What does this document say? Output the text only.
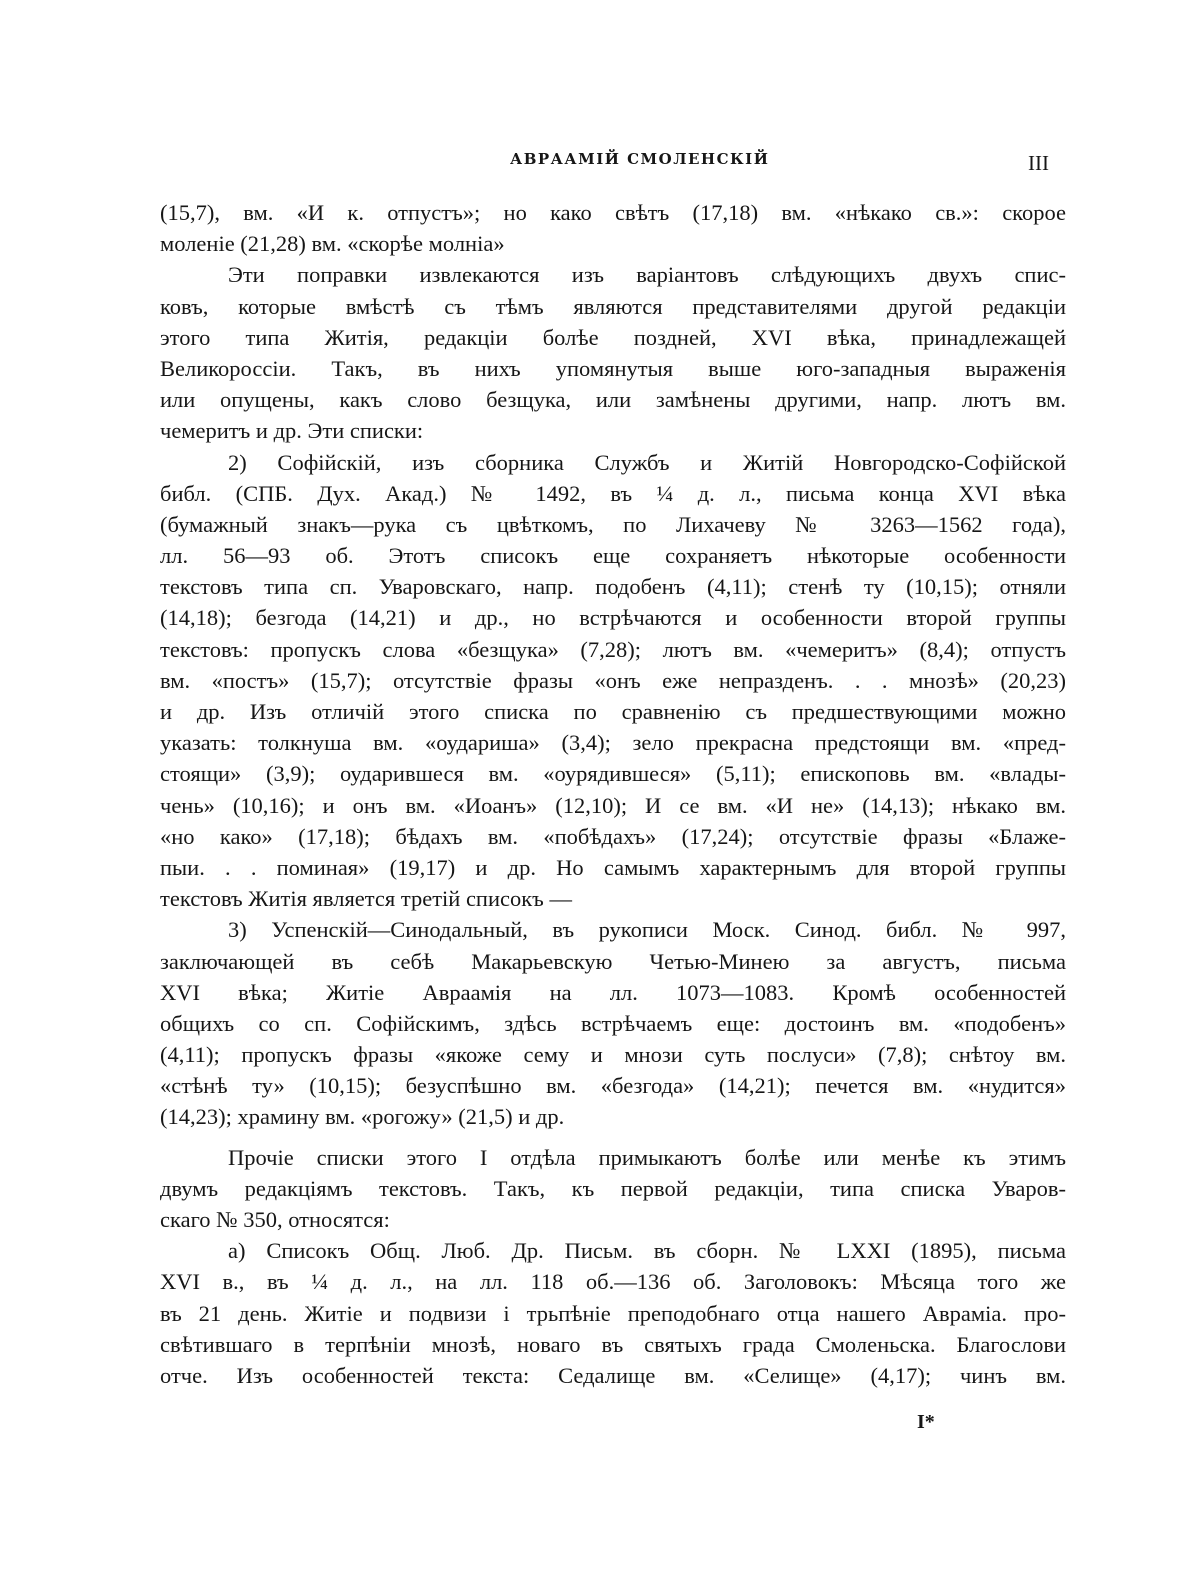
АВРААМІЙ СМОЛЕНСКІЙ	III
(15,7), вм. «И к. отпустъ»; но како свѣтъ (17,18) вм. «нѣкако св.»: скорое
моленіе (21,28) вм. «скорѣе молніа»
Эти поправки извлекаются изъ варіантовъ слѣдующихъ двухъ спис-
ковъ, которые вмѣстѣ съ тѣмъ являются представителями другой редакціи
этого типа Житія, редакціи болѣе поздней, XVI вѣка, принадлежащей
Великороссіи. Такъ, въ нихъ упомянутыя выше юго-западныя выраженія
или опущены, какъ слово безщука, или замѣнены другими, напр. лютъ вм.
чемеритъ и др. Эти списки:
2) Софійскій, изъ сборника Службъ и Житій Новгородско-Софійской
библ. (СПБ. Дух. Акад.) № 1492, въ ¼ д. л., письма конца XVI вѣка
(бумажный знакъ—рука съ цвѣткомъ, по Лихачеву № 3263—1562 года),
лл. 56—93 об. Этотъ списокъ еще сохраняетъ нѣкоторые особенности
текстовъ типа сп. Уваровскаго, напр. подобенъ (4,11); стенѣ ту (10,15); отняли
(14,18); безгода (14,21) и др., но встрѣчаются и особенности второй группы
текстовъ: пропускъ слова «безщука» (7,28); лютъ вм. «чемеритъ» (8,4); отпустъ
вм. «постъ» (15,7); отсутствіе фразы «онъ еже непразденъ. . . мнозѣ» (20,23)
и др. Изъ отличій этого списка по сравненію съ предшествующими можно
указать: толкнуша вм. «оудариша» (3,4); зело прекрасна предстоящи вм. «пред-
стоящи» (3,9); оударившеся вм. «оурядившеся» (5,11); епископовь вм. «влады-
чень» (10,16); и онъ вм. «Иоанъ» (12,10); И се вм. «И не» (14,13); нѣкако вм.
«но како» (17,18); бѣдахъ вм. «побѣдахъ» (17,24); отсутствіе фразы «Блаже-
пыи. . . поминая» (19,17) и др. Но самымъ характернымъ для второй группы
текстовъ Житія является третій списокъ —
3) Успенскій—Синодальный, въ рукописи Моск. Синод. библ. № 997,
заключающей въ себѣ Макарьевскую Четью-Минею за августъ, письма
XVI вѣка; Житіе Авраамія на лл. 1073—1083. Кромѣ особенностей
общихъ со сп. Софійскимъ, здѣсь встрѣчаемъ еще: достоинъ вм. «подобенъ»
(4,11); пропускъ фразы «якоже сему и мнози суть послуси» (7,8); снѣтоу вм.
«стѣнѣ ту» (10,15); безуспѣшно вм. «безгода» (14,21); печется вм. «нудится»
(14,23); храмину вм. «рогожу» (21,5) и др.
Прочіе списки этого I отдѣла примыкаютъ болѣе или менѣе къ этимъ
двумъ редакціямъ текстовъ. Такъ, къ первой редакціи, типа списка Уваров-
скаго № 350, относятся:
а) Списокъ Общ. Люб. Др. Письм. въ сборн. № LXXI (1895), письма
XVI в., въ ¼ д. л., на лл. 118 об.—136 об. Заголовокъ: Мѣсяца того же
въ 21 день. Житіе и подвизи і трьпѣніе преподобнаго отца нашего Авраміа. про-
свѣтившаго в терпѣніи мнозѣ, новаго въ святыхъ града Смоленьска. Благослови
отче. Изъ особенностей текста: Седалище вм. «Селище» (4,17); чинъ вм.
I*
